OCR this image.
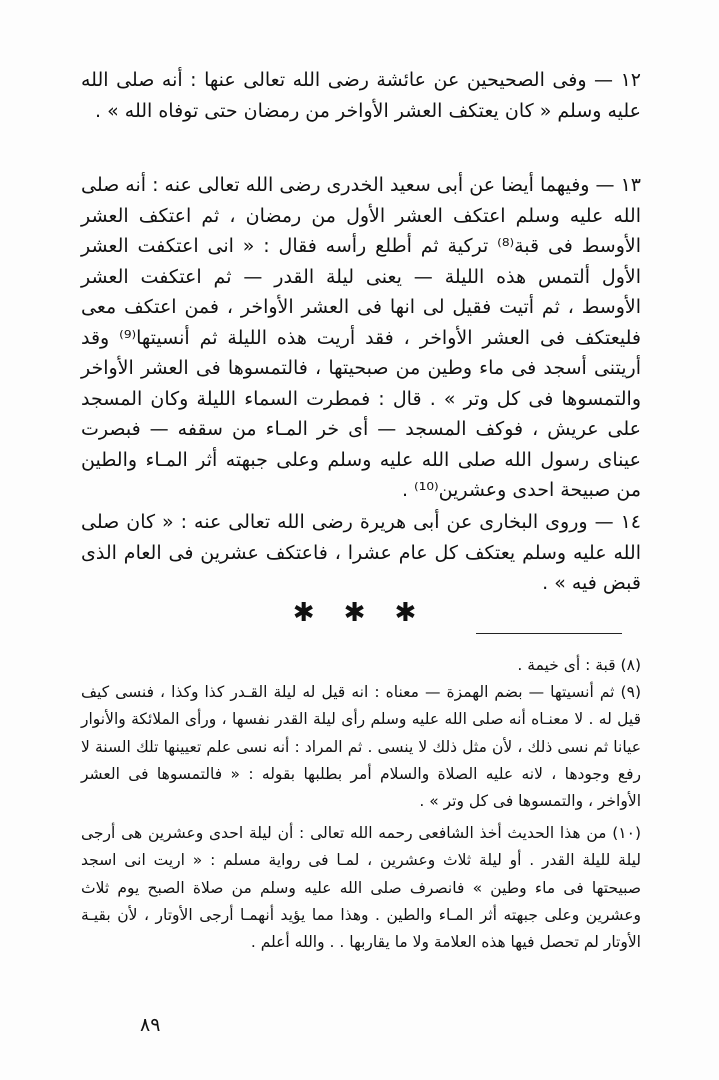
١٢ — وفى الصحيحين عن عائشة رضى الله تعالى عنها : أنه صلى الله عليه وسلم « كان يعتكف العشر الأواخر من رمضان حتى توفاه الله » .
١٣ — وفيهما أيضا عن أبى سعيد الخدرى رضى الله تعالى عنه : أنه صلى الله عليه وسلم اعتكف العشر الأول من رمضان ، ثم اعتكف العشر الأوسط فى قبة⁽⁸⁾ تركية ثم أطلع رأسه فقال : « انى اعتكفت العشر الأول ألتمس هذه الليلة — يعنى ليلة القدر — ثم اعتكفت العشر الأوسط ، ثم أتيت فقيل لى انها فى العشر الأواخر ، فمن اعتكف معى فليعتكف فى العشر الأواخر ، فقد أريت هذه الليلة ثم أنسيتها⁽⁹⁾ وقد أريتنى أسجد فى ماء وطين من صبحيتها ، فالتمسوها فى العشر الأواخر والتمسوها فى كل وتر » . قال : فمطرت السماء الليلة وكان المسجد على عريش ، فوكف المسجد — أى خر المـاء من سقفه — فبصرت عيناى رسول الله صلى الله عليه وسلم وعلى جبهته أثر المـاء والطين من صبيحة احدى وعشرين⁽¹⁰⁾ .
١٤ — وروى البخارى عن أبى هريرة رضى الله تعالى عنه : « كان صلى الله عليه وسلم يعتكف كل عام عشرا ، فاعتكف عشرين فى العام الذى قبض فيه » .
✱ ✱ ✱
(٨) قبة : أى خيمة .
(٩) ثم أنسيتها — بضم الهمزة — معناه : انه قيل له ليلة القـدر كذا وكذا ، فنسى كيف قيل له . لا معنـاه أنه صلى الله عليه وسلم رأى ليلة القدر نفسها ، ورأى الملائكة والأنوار عيانا ثم نسى ذلك ، لأن مثل ذلك لا ينسى . ثم المراد : أنه نسى علم تعيينها تلك السنة لا رفع وجودها ، لانه عليه الصلاة والسلام أمر بطلبها بقوله : « فالتمسوها فى العشر الأواخر ، والتمسوها فى كل وتر » .
(١٠) من هذا الحديث أخذ الشافعى رحمه الله تعالى : أن ليلة احدى وعشرين هى أرجى ليلة لليلة القدر . أو ليلة ثلاث وعشرين ، لمـا فى رواية مسلم : « اريت انى اسجد صبيحتها فى ماء وطين » فانصرف صلى الله عليه وسلم من صلاة الصبح يوم ثلاث وعشرين وعلى جبهته أثر المـاء والطين . وهذا مما يؤيد أنهمـا أرجى الأوتار ، لأن بقيـة الأوتار لم تحصل فيها هذه العلامة ولا ما يقاربها . . والله أعلم .
٨٩
